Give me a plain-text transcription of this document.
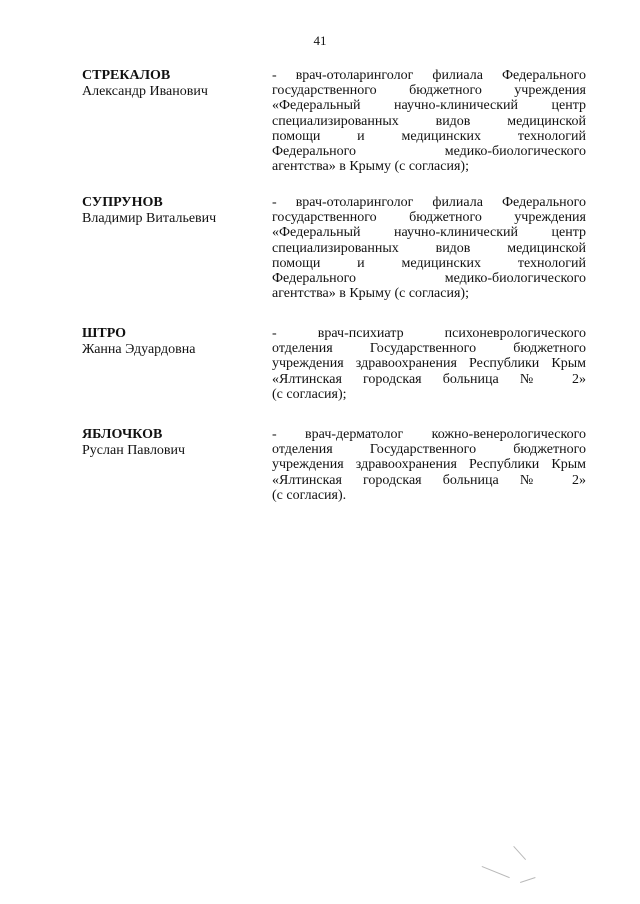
41
СТРЕКАЛОВ
Александр Иванович
- врач-отоларинголог филиала Федерального
государственного бюджетного учреждения
«Федеральный научно-клинический центр
специализированных видов медицинской
помощи и медицинских технологий
Федерального медико-биологического
агентства» в Крыму (с согласия);
СУПРУНОВ
Владимир Витальевич
- врач-отоларинголог филиала Федерального
государственного бюджетного учреждения
«Федеральный научно-клинический центр
специализированных видов медицинской
помощи и медицинских технологий
Федерального медико-биологического
агентства» в Крыму (с согласия);
ШТРО
Жанна Эдуардовна
- врач-психиатр психоневрологического
отделения Государственного бюджетного
учреждения здравоохранения Республики Крым
«Ялтинская городская больница № 2»
(с согласия);
ЯБЛОЧКОВ
Руслан Павлович
- врач-дерматолог кожно-венерологического
отделения Государственного бюджетного
учреждения здравоохранения Республики Крым
«Ялтинская городская больница № 2»
(с согласия).
